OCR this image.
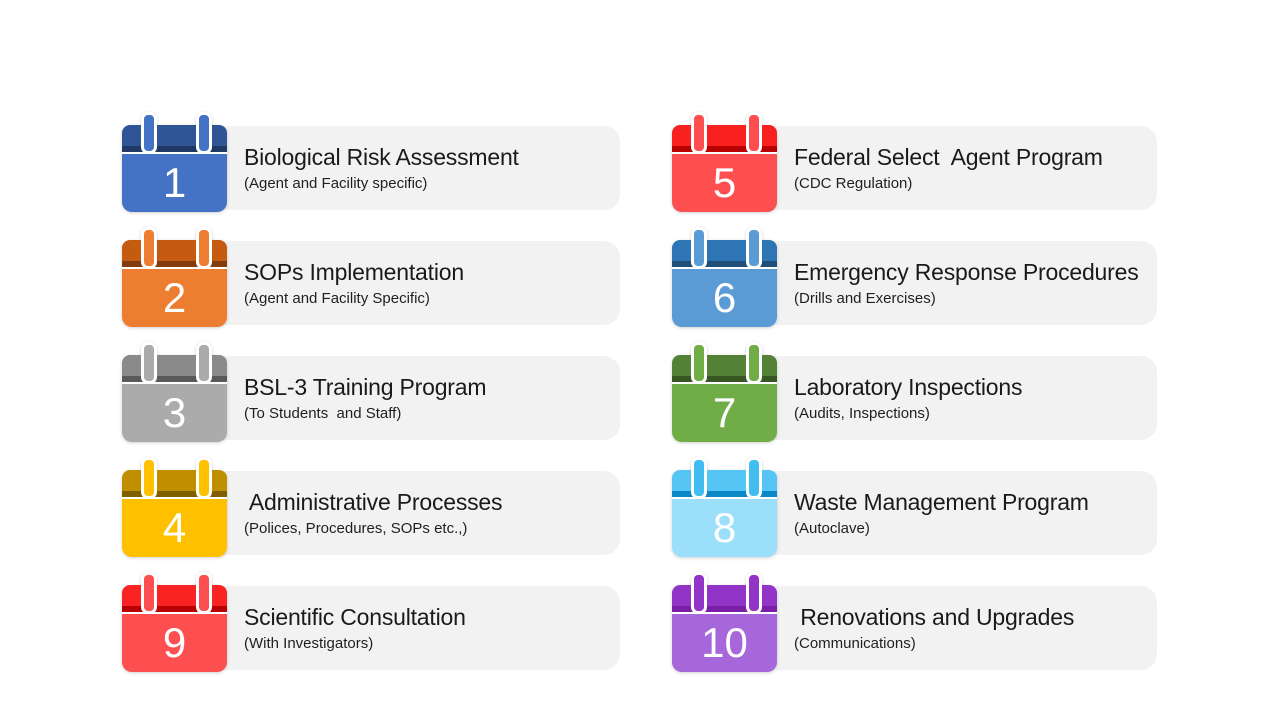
1
Biological Risk Assessment
(Agent and Facility specific)
2
SOPs Implementation
(Agent and Facility Specific)
3
BSL-3 Training Program
(To Students  and Staff)
4
Administrative Processes
(Polices, Procedures, SOPs etc.,)
9
Scientific Consultation
(With Investigators)
5
Federal Select  Agent Program
(CDC Regulation)
6
Emergency Response Procedures
(Drills and Exercises)
7
Laboratory Inspections
(Audits, Inspections)
8
Waste Management Program
(Autoclave)
10
Renovations and Upgrades
(Communications)
